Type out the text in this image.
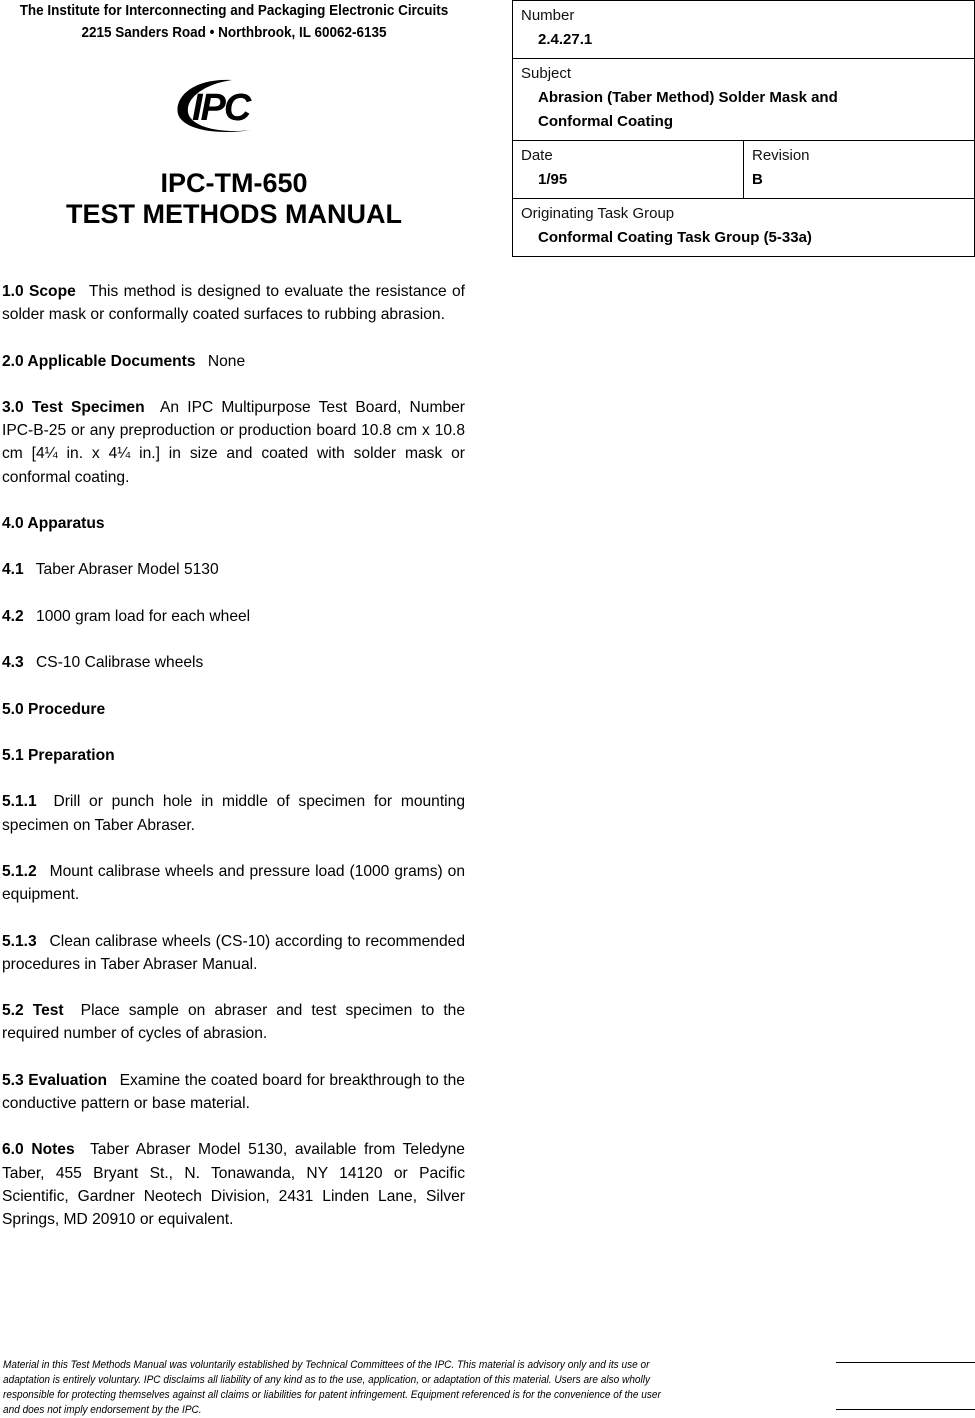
The Institute for Interconnecting and Packaging Electronic Circuits
2215 Sanders Road • Northbrook, IL 60062-6135
IPC
IPC-TM-650
TEST METHODS MANUAL
Number
2.4.27.1
Subject
Abrasion (Taber Method) Solder Mask and Conformal Coating
Date
1/95
Revision
B
Originating Task Group
Conformal Coating Task Group (5-33a)

1.0 Scope This method is designed to evaluate the resistance of solder mask or conformally coated surfaces to rubbing abrasion.

2.0 Applicable Documents None

3.0 Test Specimen An IPC Multipurpose Test Board, Number IPC-B-25 or any preproduction or production board 10.8 cm x 10.8 cm [4¼ in. x 4¼ in.] in size and coated with solder mask or conformal coating.

4.0 Apparatus

4.1 Taber Abraser Model 5130

4.2 1000 gram load for each wheel

4.3 CS-10 Calibrase wheels

5.0 Procedure

5.1 Preparation

5.1.1 Drill or punch hole in middle of specimen for mounting specimen on Taber Abraser.

5.1.2 Mount calibrase wheels and pressure load (1000 grams) on equipment.

5.1.3 Clean calibrase wheels (CS-10) according to recommended procedures in Taber Abraser Manual.

5.2 Test Place sample on abraser and test specimen to the required number of cycles of abrasion.

5.3 Evaluation Examine the coated board for breakthrough to the conductive pattern or base material.

6.0 Notes Taber Abraser Model 5130, available from Teledyne Taber, 455 Bryant St., N. Tonawanda, NY 14120 or Pacific Scientific, Gardner Neotech Division, 2431 Linden Lane, Silver Springs, MD 20910 or equivalent.

Material in this Test Methods Manual was voluntarily established by Technical Committees of the IPC. This material is advisory only and its use or adaptation is entirely voluntary. IPC disclaims all liability of any kind as to the use, application, or adaptation of this material. Users are also wholly responsible for protecting themselves against all claims or liabilities for patent infringement. Equipment referenced is for the convenience of the user and does not imply endorsement by the IPC.
